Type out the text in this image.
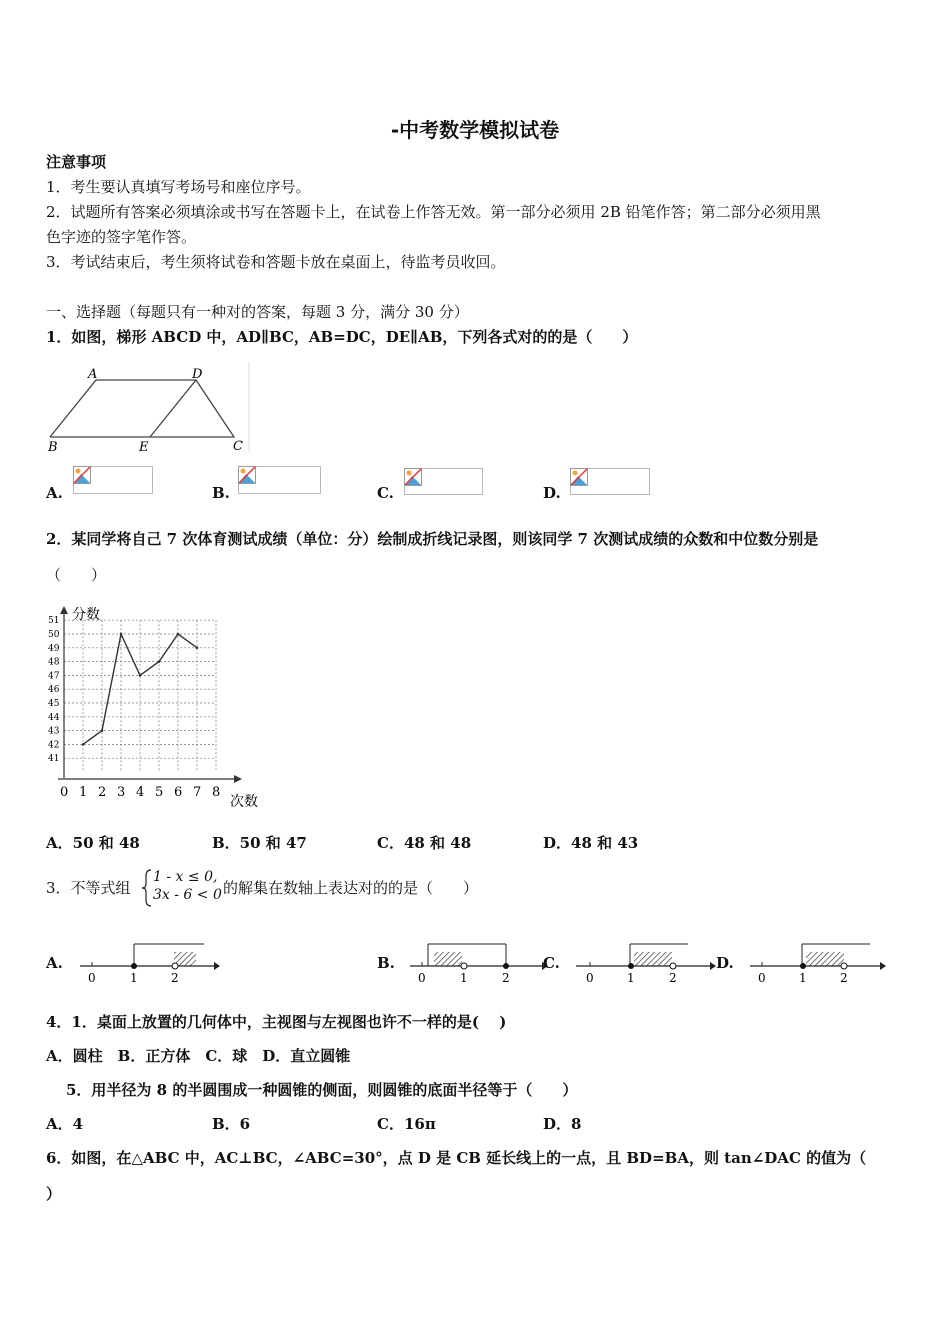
-中考数学模拟试卷
注意事项
1．考生要认真填写考场号和座位序号。
2．试题所有答案必须填涂或书写在答题卡上，在试卷上作答无效。第一部分必须用 2B 铅笔作答；第二部分必须用黑
色字迹的签字笔作答。
3．考试结束后，考生须将试卷和答题卡放在桌面上，待监考员收回。
一、选择题（每题只有一种对的答案，每题 3 分，满分 30 分）
1．如图，梯形 ABCD 中，AD∥BC，AB=DC，DE∥AB，下列各式对的的是（　　）
A	D
B	E	C
A.	B.	C.	D.
2．某同学将自己 7 次体育测试成绩（单位：分）绘制成折线记录图，则该同学 7 次测试成绩的众数和中位数分别是
（　　）
41
42
43
44
45
46
47
48
49
50
51
0 1 2 3 4 5 6 7 8
分数
次数
A．50 和 48	B．50 和 47	C．48 和 48	D．48 和 43
3．不等式组
1 - x ≤ 0,
3x - 6 < 0 的解集在数轴上表达对的的是（　　）
A.
0	1	2
B.
0	1	2
C.
0	1	2
D.
0	1	2
4．1．桌面上放置的几何体中，主视图与左视图也许不一样的是(　 )
A．圆柱　B．正方体　C．球　D．直立圆锥
5．用半径为 8 的半圆围成一种圆锥的侧面，则圆锥的底面半径等于（　　）
A．4	B．6	C．16π	D．8
6．如图，在△ABC 中，AC⊥BC，∠ABC=30°，点 D 是 CB 延长线上的一点，且 BD=BA，则 tan∠DAC 的值为（
）
